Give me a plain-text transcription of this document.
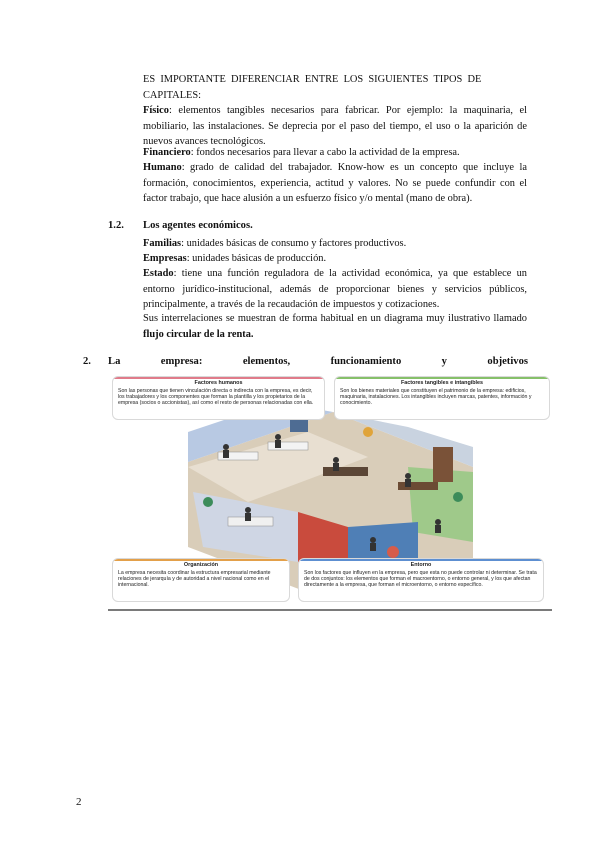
ES  IMPORTANTE  DIFERENCIAR  ENTRE  LOS  SIGUIENTES  TIPOS  DE
CAPITALES:
Físico: elementos tangibles necesarios para fabricar. Por ejemplo: la maquinaria, el mobiliario, las instalaciones. Se deprecia por el paso del tiempo, el uso o la aparición de nuevos avances tecnológicos.
Financiero: fondos necesarios para llevar a cabo la actividad de la empresa.
Humano: grado de calidad del trabajador. Know-how es un concepto que incluye la formación, conocimientos, experiencia, actitud y valores. No se puede confundir con el factor trabajo, que hace alusión a un esfuerzo físico y/o mental (mano de obra).
1.2. Los agentes económicos.
Familias: unidades básicas de consumo y factores productivos.
Empresas: unidades básicas de producción.
Estado: tiene una función reguladora de la actividad económica, ya que establece un entorno jurídico-institucional, además de proporcionar bienes y servicios públicos, principalmente, a través de la recaudación de impuestos y cotizaciones.
Sus interrelaciones se muestran de forma habitual en un diagrama muy ilustrativo llamado flujo circular de la renta.
2. La	empresa:	elementos,	funcionamiento	y	objetivos
Factores humanos
Son las personas que tienen vinculación directa o indirecta con la empresa, es decir, los trabajadores y los componentes que forman la plantilla y los propietarios de la empresa (socios o accionistas), así como el resto de personas relacionadas con ella.
Factores tangibles e intangibles
Son los bienes materiales que constituyen el patrimonio de la empresa: edificios, maquinaria, instalaciones. Los intangibles incluyen marcas, patentes, información y conocimiento.
Organización
La empresa necesita coordinar la estructura empresarial mediante relaciones de jerarquía y de autoridad a nivel nacional como en el internacional.
Entorno
Son los factores que influyen en la empresa, pero que esta no puede controlar ni determinar. Se trata de dos conjuntos: los elementos que forman el macroentorno, o entorno general, y los que afectan directamente a la empresa, que forman el microentorno, o entorno específico.
2
